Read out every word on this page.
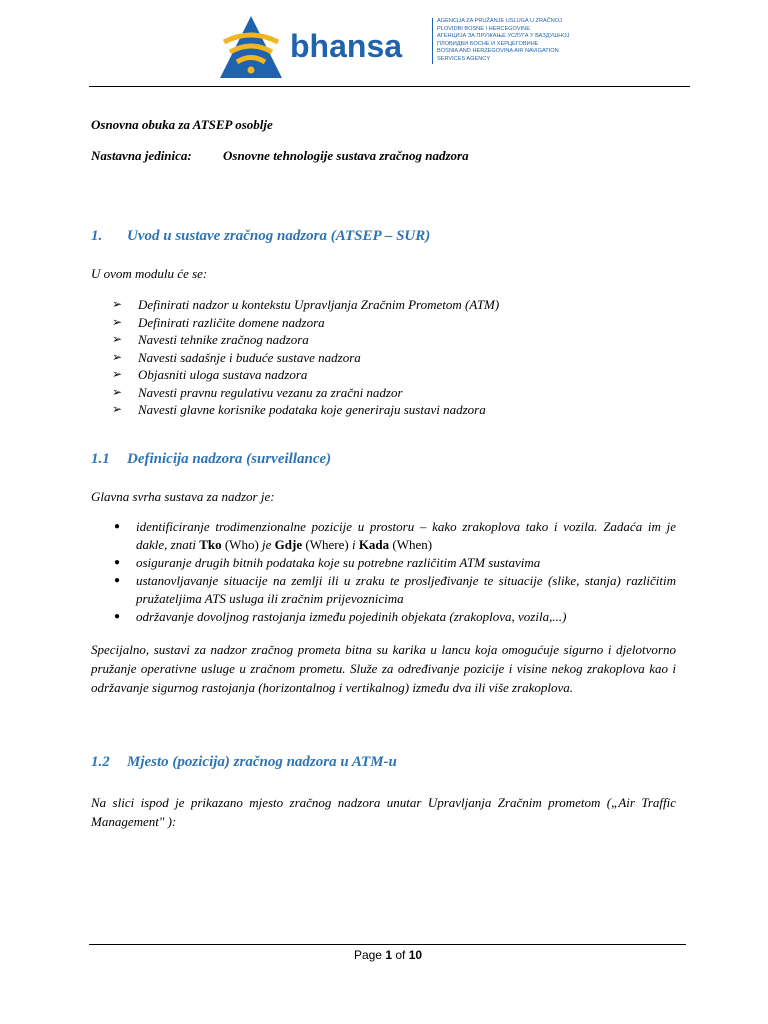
bhansa
AGENCIJA ZA PRUŽANJE USLUGA U ZRAČNOJ
PLOVIDBI BOSNE I HERCEGOVINE
АГЕНЦИЈА ЗА ПРУЖАЊЕ УСЛУГА У ВАЗДУШНОЈ
ПЛОВИДБИ БОСНЕ И ХЕРЦЕГОВИНЕ
BOSNIA AND HERZEGOVINA AIR NAVIGATION
SERVICES AGENCY
Osnovna obuka za ATSEP osoblje
Nastavna jedinica: Osnovne tehnologije sustava zračnog nadzora
1. Uvod u sustave zračnog nadzora (ATSEP – SUR)
U ovom modulu će se:
➢ Definirati nadzor u kontekstu Upravljanja Zračnim Prometom (ATM)
➢ Definirati različite domene nadzora
➢ Navesti tehnike zračnog nadzora
➢ Navesti sadašnje i buduće sustave nadzora
➢ Objasniti uloga sustava nadzora
➢ Navesti pravnu regulativu vezanu za zračni nadzor
➢ Navesti glavne korisnike podataka koje generiraju sustavi nadzora
1.1 Definicija nadzora (surveillance)
Glavna svrha sustava za nadzor je:
● identificiranje trodimenzionalne pozicije u prostoru – kako zrakoplova tako i vozila. Zadaća im je dakle, znati Tko (Who) je Gdje (Where) i Kada (When)
● osiguranje drugih bitnih podataka koje su potrebne različitim ATM sustavima
● ustanovljavanje situacije na zemlji ili u zraku te prosljeđivanje te situacije (slike, stanja) različitim pružateljima ATS usluga ili zračnim prijevoznicima
● održavanje dovoljnog rastojanja između pojedinih objekata (zrakoplova, vozila,...)
Specijalno, sustavi za nadzor zračnog prometa bitna su karika u lancu koja omogućuje sigurno i djelotvorno pružanje operativne usluge u zračnom prometu. Služe za određivanje pozicije i visine nekog zrakoplova kao i održavanje sigurnog rastojanja (horizontalnog i vertikalnog) između dva ili više zrakoplova.
1.2 Mjesto (pozicija) zračnog nadzora u ATM-u
Na slici ispod je prikazano mjesto zračnog nadzora unutar Upravljanja Zračnim prometom („Air Traffic Management" ):
Page 1 of 10
